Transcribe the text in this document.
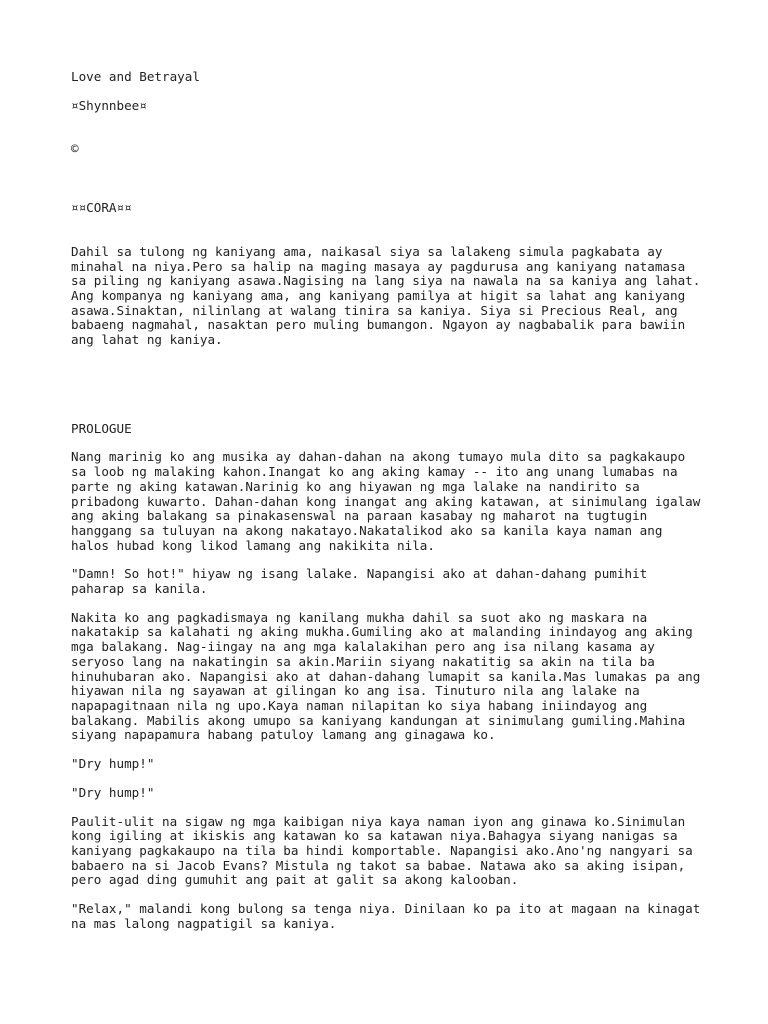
Love and Betrayal

¤Shynnbee¤

©

¤¤CORA¤¤

Dahil sa tulong ng kaniyang ama, naikasal siya sa lalakeng simula pagkabata ay
minahal na niya.Pero sa halip na maging masaya ay pagdurusa ang kaniyang natamasa
sa piling ng kaniyang asawa.Nagising na lang siya na nawala na sa kaniya ang lahat.
Ang kompanya ng kaniyang ama, ang kaniyang pamilya at higit sa lahat ang kaniyang
asawa.Sinaktan, nilinlang at walang tinira sa kaniya. Siya si Precious Real, ang
babaeng nagmahal, nasaktan pero muling bumangon. Ngayon ay nagbabalik para bawiin
ang lahat ng kaniya.

PROLOGUE

Nang marinig ko ang musika ay dahan-dahan na akong tumayo mula dito sa pagkakaupo
sa loob ng malaking kahon.Inangat ko ang aking kamay -- ito ang unang lumabas na
parte ng aking katawan.Narinig ko ang hiyawan ng mga lalake na nandirito sa
pribadong kuwarto. Dahan-dahan kong inangat ang aking katawan, at sinimulang igalaw
ang aking balakang sa pinakasenswal na paraan kasabay ng maharot na tugtugin
hanggang sa tuluyan na akong nakatayo.Nakatalikod ako sa kanila kaya naman ang
halos hubad kong likod lamang ang nakikita nila.

"Damn! So hot!" hiyaw ng isang lalake. Napangisi ako at dahan-dahang pumihit
paharap sa kanila.

Nakita ko ang pagkadismaya ng kanilang mukha dahil sa suot ako ng maskara na
nakatakip sa kalahati ng aking mukha.Gumiling ako at malanding inindayog ang aking
mga balakang. Nag-iingay na ang mga kalalakihan pero ang isa nilang kasama ay
seryoso lang na nakatingin sa akin.Mariin siyang nakatitig sa akin na tila ba
hinuhubaran ako. Napangisi ako at dahan-dahang lumapit sa kanila.Mas lumakas pa ang
hiyawan nila ng sayawan at gilingan ko ang isa. Tinuturo nila ang lalake na
napapagitnaan nila ng upo.Kaya naman nilapitan ko siya habang iniindayog ang
balakang. Mabilis akong umupo sa kaniyang kandungan at sinimulang gumiling.Mahina
siyang napapamura habang patuloy lamang ang ginagawa ko.

"Dry hump!"

"Dry hump!"

Paulit-ulit na sigaw ng mga kaibigan niya kaya naman iyon ang ginawa ko.Sinimulan
kong igiling at ikiskis ang katawan ko sa katawan niya.Bahagya siyang nanigas sa
kaniyang pagkakaupo na tila ba hindi komportable. Napangisi ako.Ano'ng nangyari sa
babaero na si Jacob Evans? Mistula ng takot sa babae. Natawa ako sa aking isipan,
pero agad ding gumuhit ang pait at galit sa akong kalooban.

"Relax," malandi kong bulong sa tenga niya. Dinilaan ko pa ito at magaan na kinagat
na mas lalong nagpatigil sa kaniya.
